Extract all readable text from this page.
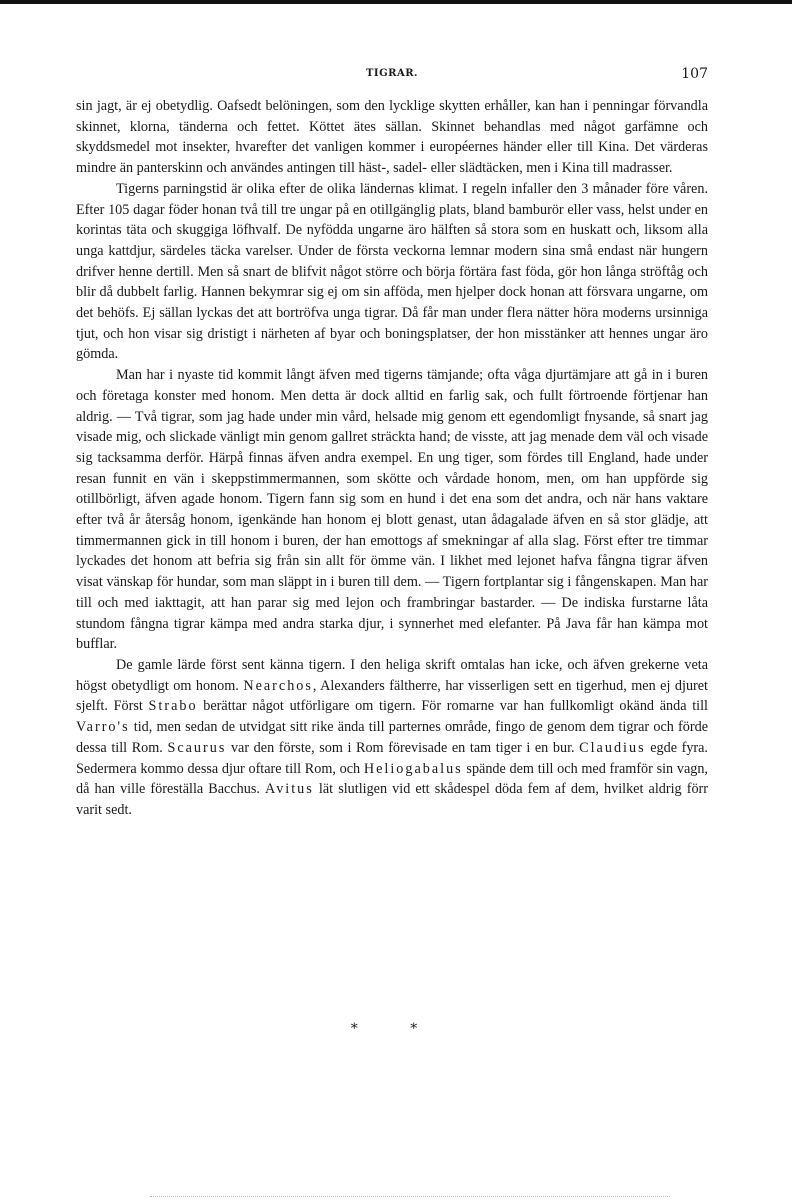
TIGRAR.	107

sin jagt, är ej obetydlig. Oafsedt belöningen, som den lycklige skytten erhåller, kan han i penningar förvandla skinnet, klorna, tänderna och fettet. Köttet ätes sällan. Skinnet behandlas med något garfämne och skyddsmedel mot insekter, hvarefter det vanligen kommer i européernes händer eller till Kina. Det värderas mindre än panterskinn och användes antingen till häst-, sadel- eller slädtäcken, men i Kina till madrasser.

Tigerns parningstid är olika efter de olika ländernas klimat. I regeln infaller den 3 månader före våren. Efter 105 dagar föder honan två till tre ungar på en otillgänglig plats, bland bamburör eller vass, helst under en korintas täta och skuggiga löfhvalf. De nyfödda ungarne äro hälften så stora som en huskatt och, liksom alla unga kattdjur, särdeles täcka varelser. Under de första veckorna lemnar modern sina små endast när hungern drifver henne dertill. Men så snart de blifvit något större och börja förtära fast föda, gör hon långa ströftåg och blir då dubbelt farlig. Hannen bekymrar sig ej om sin afföda, men hjelper dock honan att försvara ungarne, om det behöfs. Ej sällan lyckas det att bortröfva unga tigrar. Då får man under flera nätter höra moderns ursinniga tjut, och hon visar sig dristigt i närheten af byar och boningsplatser, der hon misstänker att hennes ungar äro gömda.

Man har i nyaste tid kommit långt äfven med tigerns tämjande; ofta våga djurtämjare att gå in i buren och företaga konster med honom. Men detta är dock alltid en farlig sak, och fullt förtroende förtjenar han aldrig. — Två tigrar, som jag hade under min vård, helsade mig genom ett egendomligt fnysande, så snart jag visade mig, och slickade vänligt min genom gallret sträckta hand; de visste, att jag menade dem väl och visade sig tacksamma derför. Härpå finnas äfven andra exempel. En ung tiger, som fördes till England, hade under resan funnit en vän i skeppstimmermannen, som skötte och vårdade honom, men, om han uppförde sig otillbörligt, äfven agade honom. Tigern fann sig som en hund i det ena som det andra, och när hans vaktare efter två år återsåg honom, igenkände han honom ej blott genast, utan ådagalade äfven en så stor glädje, att timmermannen gick in till honom i buren, der han emottogs af smekningar af alla slag. Först efter tre timmar lyckades det honom att befria sig från sin allt för ömme vän. I likhet med lejonet hafva fångna tigrar äfven visat vänskap för hundar, som man släppt in i buren till dem. — Tigern fortplantar sig i fångenskapen. Man har till och med iakttagit, att han parar sig med lejon och frambringar bastarder. — De indiska furstarne låta stundom fångna tigrar kämpa med andra starka djur, i synnerhet med elefanter. På Java får han kämpa mot bufflar.

De gamle lärde först sent känna tigern. I den heliga skrift omtalas han icke, och äfven grekerne veta högst obetydligt om honom. Nearchos, Alexanders fältherre, har visserligen sett en tigerhud, men ej djuret sjelft. Först Strabo berättar något utförligare om tigern. För romarne var han fullkomligt okänd ända till Varro's tid, men sedan de utvidgat sitt rike ända till parternes område, fingo de genom dem tigrar och förde dessa till Rom. Scaurus var den förste, som i Rom förevisade en tam tiger i en bur. Claudius egde fyra. Sedermera kommo dessa djur oftare till Rom, och Heliogabalus spände dem till och med framför sin vagn, då han ville föreställa Bacchus. Avitus lät slutligen vid ett skådespel döda fem af dem, hvilket aldrig förr varit sedt.

* *
